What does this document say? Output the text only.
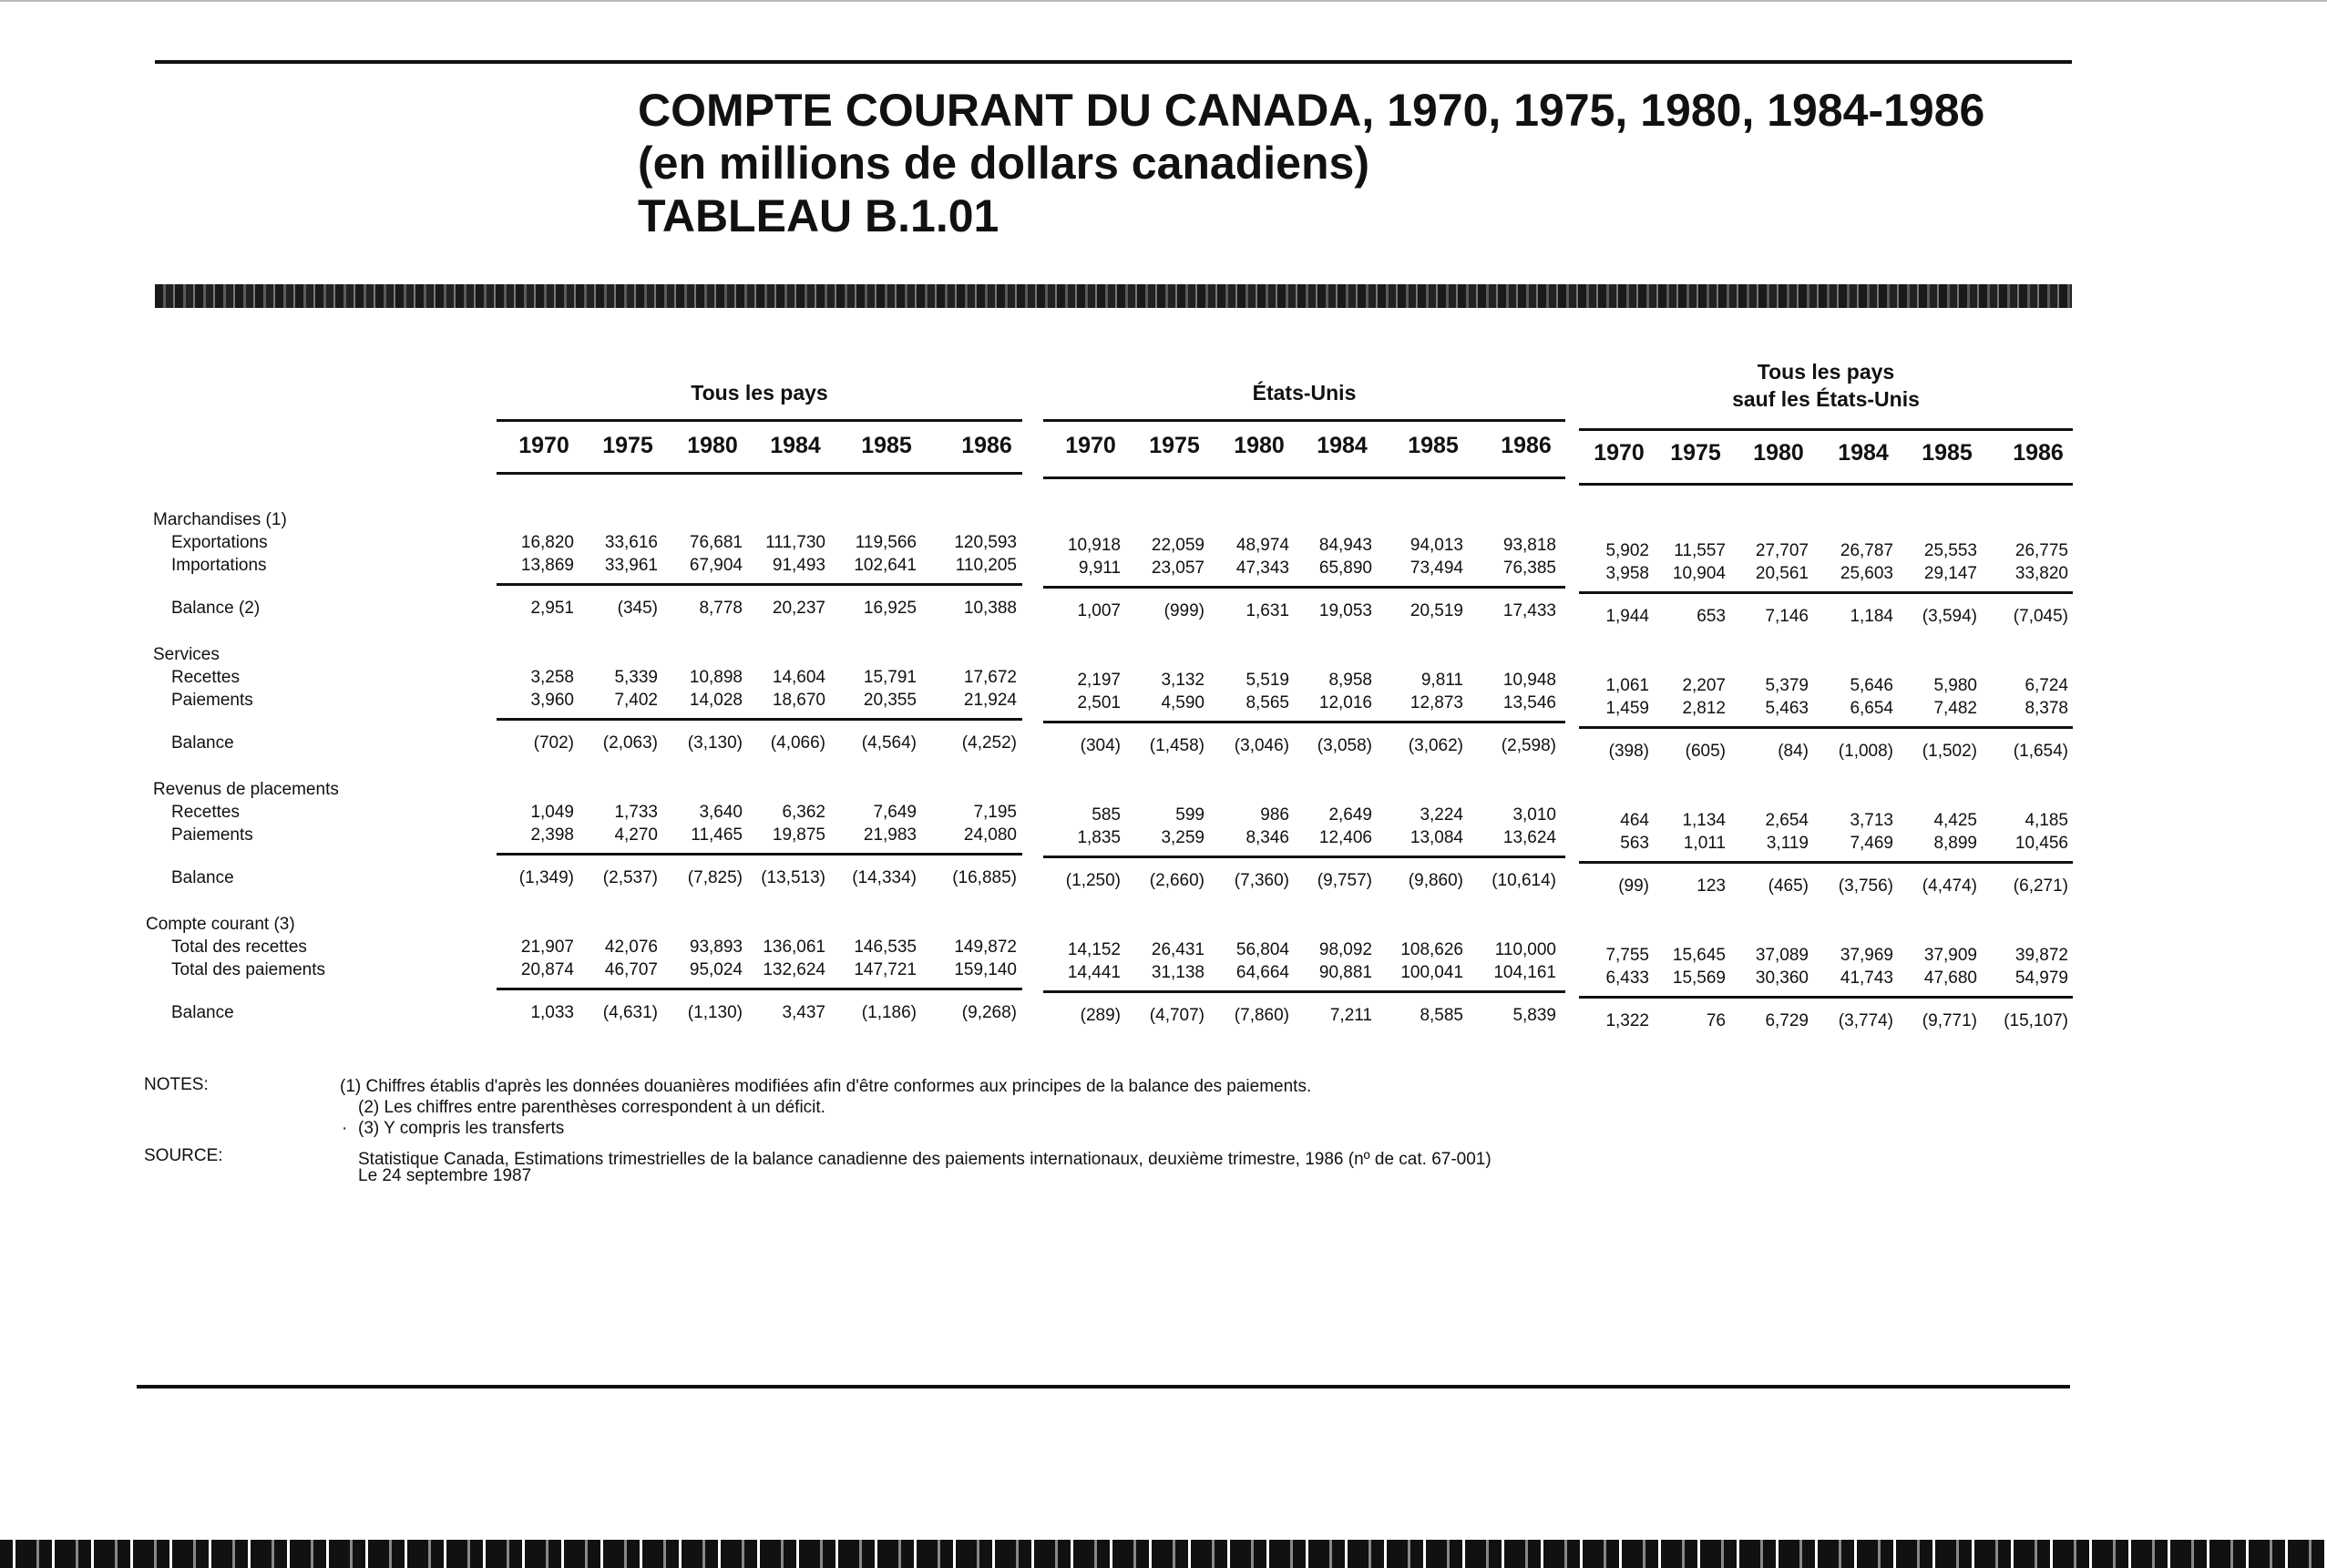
COMPTE COURANT DU CANADA, 1970, 1975, 1980, 1984-1986
(en millions de dollars canadiens)
TABLEAU B.1.01
Tous les pays
1970	1975	1980	1984	1985	1986
États-Unis
1970	1975	1980	1984	1985	1986
Tous les pays
sauf les États-Unis
1970	1975	1980	1984	1985	1986
Marchandises (1)
Exportations	16,820	33,616	76,681	111,730	119,566	120,593	10,918	22,059	48,974	84,943	94,013	93,818	5,902	11,557	27,707	26,787	25,553	26,775
Importations	13,869	33,961	67,904	91,493	102,641	110,205	9,911	23,057	47,343	65,890	73,494	76,385	3,958	10,904	20,561	25,603	29,147	33,820
Balance (2)	2,951	(345)	8,778	20,237	16,925	10,388	1,007	(999)	1,631	19,053	20,519	17,433	1,944	653	7,146	1,184	(3,594)	(7,045)
Services
Recettes	3,258	5,339	10,898	14,604	15,791	17,672	2,197	3,132	5,519	8,958	9,811	10,948	1,061	2,207	5,379	5,646	5,980	6,724
Paiements	3,960	7,402	14,028	18,670	20,355	21,924	2,501	4,590	8,565	12,016	12,873	13,546	1,459	2,812	5,463	6,654	7,482	8,378
Balance	(702)	(2,063)	(3,130)	(4,066)	(4,564)	(4,252)	(304)	(1,458)	(3,046)	(3,058)	(3,062)	(2,598)	(398)	(605)	(84)	(1,008)	(1,502)	(1,654)
Revenus de placements
Recettes	1,049	1,733	3,640	6,362	7,649	7,195	585	599	986	2,649	3,224	3,010	464	1,134	2,654	3,713	4,425	4,185
Paiements	2,398	4,270	11,465	19,875	21,983	24,080	1,835	3,259	8,346	12,406	13,084	13,624	563	1,011	3,119	7,469	8,899	10,456
Balance	(1,349)	(2,537)	(7,825)	(13,513)	(14,334)	(16,885)	(1,250)	(2,660)	(7,360)	(9,757)	(9,860)	(10,614)	(99)	123	(465)	(3,756)	(4,474)	(6,271)
Compte courant (3)
Total des recettes	21,907	42,076	93,893	136,061	146,535	149,872	14,152	26,431	56,804	98,092	108,626	110,000	7,755	15,645	37,089	37,969	37,909	39,872
Total des paiements	20,874	46,707	95,024	132,624	147,721	159,140	14,441	31,138	64,664	90,881	100,041	104,161	6,433	15,569	30,360	41,743	47,680	54,979
Balance	1,033	(4,631)	(1,130)	3,437	(1,186)	(9,268)	(289)	(4,707)	(7,860)	7,211	8,585	5,839	1,322	76	6,729	(3,774)	(9,771)	(15,107)
NOTES:	(1) Chiffres établis d'après les données douanières modifiées afin d'être conformes aux principes de la balance des paiements.
(2) Les chiffres entre parenthèses correspondent à un déficit.
· (3) Y compris les transferts
SOURCE:	Statistique Canada, Estimations trimestrielles de la balance canadienne des paiements internationaux, deuxième trimestre, 1986 (nº de cat. 67-001)
Le 24 septembre 1987
